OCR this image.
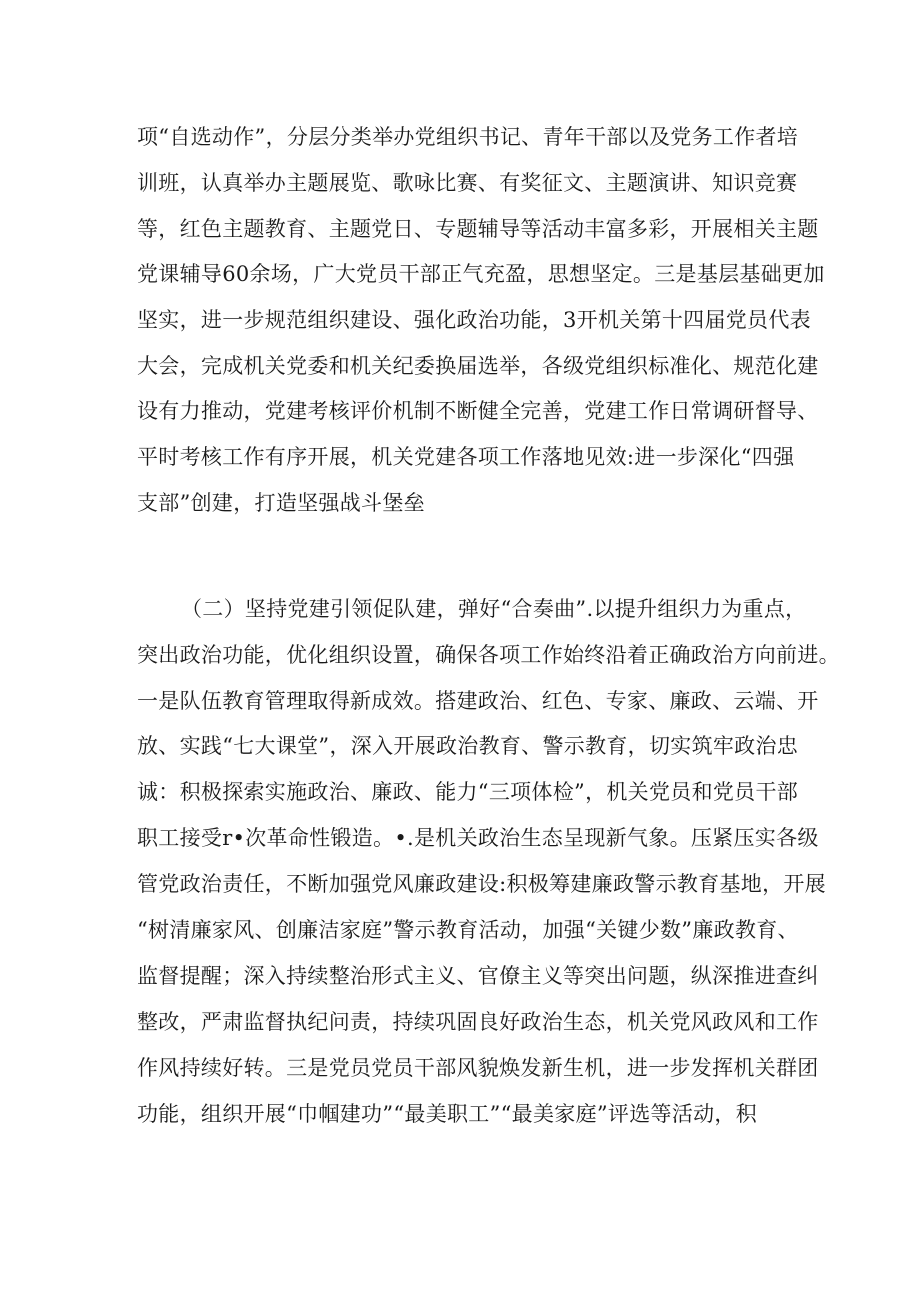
项“自选动作”，分层分类举办党组织书记、青年干部以及党务工作者培
训班，认真举办主题展览、歌咏比赛、有奖征文、主题演讲、知识竞赛
等，红色主题教育、主题党日、专题辅导等活动丰富多彩，开展相关主题
党课辅导60余场，广大党员干部正气充盈，思想坚定。三是基层基础更加
坚实，进一步规范组织建设、强化政治功能，3开机关第十四届党员代表
大会，完成机关党委和机关纪委换届选举，各级党组织标准化、规范化建
设有力推动，党建考核评价机制不断健全完善，党建工作日常调研督导、
平时考核工作有序开展，机关党建各项工作落地见效:进一步深化“四强
支部”创建，打造坚强战斗堡垒
（二）坚持党建引领促队建，弹好“合奏曲”.以提升组织力为重点，
突出政治功能，优化组织设置，确保各项工作始终沿着正确政治方向前进。
一是队伍教育管理取得新成效。搭建政治、红色、专家、廉政、云端、开
放、实践“七大课堂”，深入开展政治教育、警示教育，切实筑牢政治忠
诚：积极探索实施政治、廉政、能力“三项体检”，机关党员和党员干部
职工接受r•次革命性锻造。•.是机关政治生态呈现新气象。压紧压实各级
管党政治责任，不断加强党风廉政建设:积极筹建廉政警示教育基地，开展
“树清廉家风、创廉洁家庭”警示教育活动，加强“关键少数”廉政教育、
监督提醒；深入持续整治形式主义、官僚主义等突出问题，纵深推进查纠
整改，严肃监督执纪问责，持续巩固良好政治生态，机关党风政风和工作
作风持续好转。三是党员党员干部风貌焕发新生机，进一步发挥机关群团
功能，组织开展“巾帼建功”“最美职工”“最美家庭”评选等活动，积
